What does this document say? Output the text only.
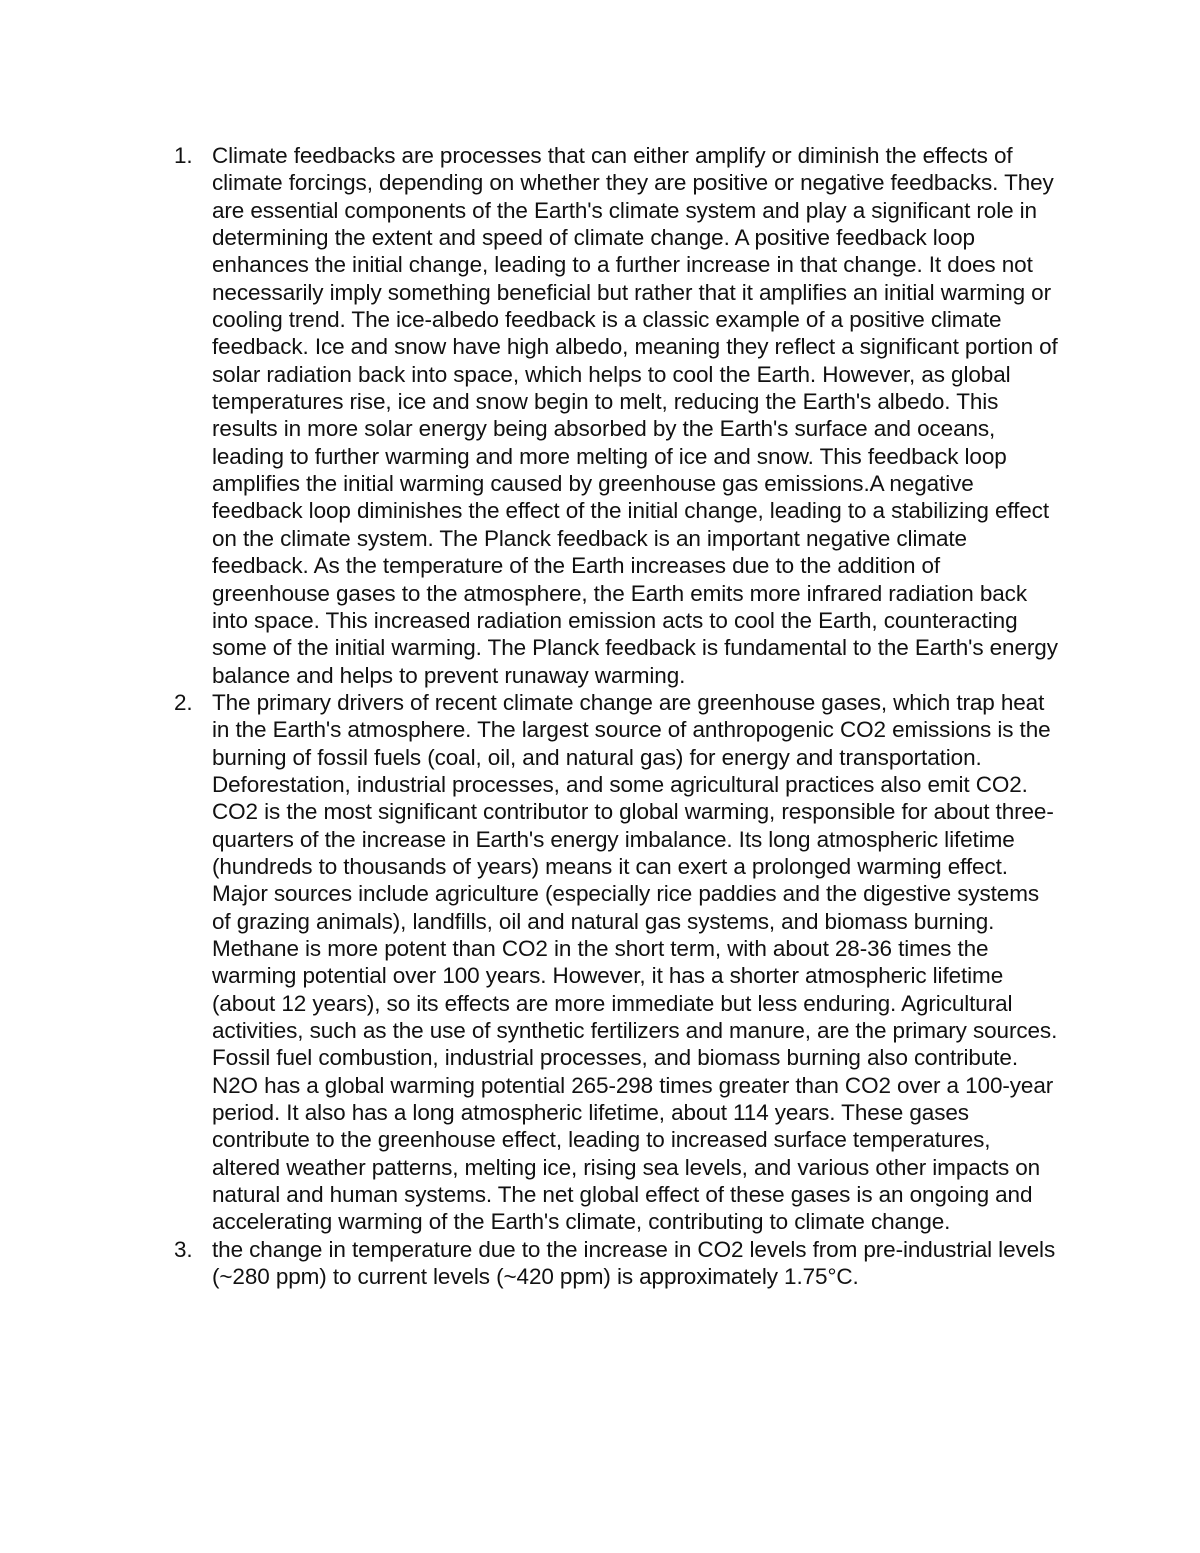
1. Climate feedbacks are processes that can either amplify or diminish the effects of climate forcings, depending on whether they are positive or negative feedbacks. They are essential components of the Earth's climate system and play a significant role in determining the extent and speed of climate change. A positive feedback loop enhances the initial change, leading to a further increase in that change. It does not necessarily imply something beneficial but rather that it amplifies an initial warming or cooling trend. The ice-albedo feedback is a classic example of a positive climate feedback. Ice and snow have high albedo, meaning they reflect a significant portion of solar radiation back into space, which helps to cool the Earth. However, as global temperatures rise, ice and snow begin to melt, reducing the Earth's albedo. This results in more solar energy being absorbed by the Earth's surface and oceans, leading to further warming and more melting of ice and snow. This feedback loop amplifies the initial warming caused by greenhouse gas emissions.A negative feedback loop diminishes the effect of the initial change, leading to a stabilizing effect on the climate system. The Planck feedback is an important negative climate feedback. As the temperature of the Earth increases due to the addition of greenhouse gases to the atmosphere, the Earth emits more infrared radiation back into space. This increased radiation emission acts to cool the Earth, counteracting some of the initial warming. The Planck feedback is fundamental to the Earth's energy balance and helps to prevent runaway warming.
2. The primary drivers of recent climate change are greenhouse gases, which trap heat in the Earth's atmosphere. The largest source of anthropogenic CO2 emissions is the burning of fossil fuels (coal, oil, and natural gas) for energy and transportation. Deforestation, industrial processes, and some agricultural practices also emit CO2. CO2 is the most significant contributor to global warming, responsible for about three-quarters of the increase in Earth's energy imbalance. Its long atmospheric lifetime (hundreds to thousands of years) means it can exert a prolonged warming effect. Major sources include agriculture (especially rice paddies and the digestive systems of grazing animals), landfills, oil and natural gas systems, and biomass burning. Methane is more potent than CO2 in the short term, with about 28-36 times the warming potential over 100 years. However, it has a shorter atmospheric lifetime (about 12 years), so its effects are more immediate but less enduring. Agricultural activities, such as the use of synthetic fertilizers and manure, are the primary sources. Fossil fuel combustion, industrial processes, and biomass burning also contribute. N2O has a global warming potential 265-298 times greater than CO2 over a 100-year period. It also has a long atmospheric lifetime, about 114 years. These gases contribute to the greenhouse effect, leading to increased surface temperatures, altered weather patterns, melting ice, rising sea levels, and various other impacts on natural and human systems. The net global effect of these gases is an ongoing and accelerating warming of the Earth's climate, contributing to climate change.
3. the change in temperature due to the increase in CO2 levels from pre-industrial levels (~280 ppm) to current levels (~420 ppm) is approximately 1.75°C.
